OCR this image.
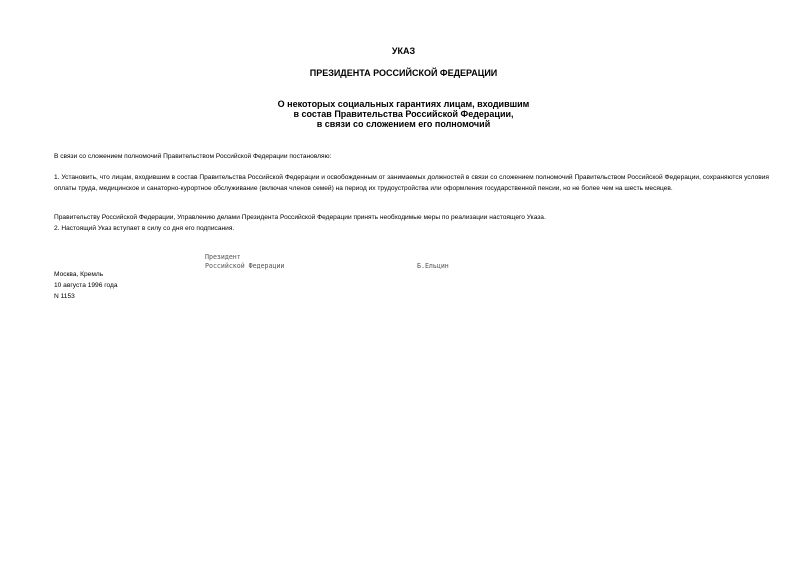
УКАЗ
ПРЕЗИДЕНТА РОССИЙСКОЙ ФЕДЕРАЦИИ
О некоторых социальных гарантиях лицам, входившим
в состав Правительства Российской Федерации,
в связи со сложением его полномочий
В связи со сложением полномочий Правительством Российской Федерации постановляю:
1. Установить, что лицам, входившим в состав Правительства Российской Федерации и освобожденным от занимаемых должностей в связи со сложением полномочий Правительством Российской Федерации, сохраняются условия оплаты труда, медицинское и санаторно-курортное обслуживание (включая членов семей) на период их трудоустройства или оформления государственной пенсии, но не более чем на шесть месяцев.
Правительству Российской Федерации, Управлению делами Президента Российской Федерации принять необходимые меры по реализации настоящего Указа.
2. Настоящий Указ вступает в силу со дня его подписания.
Президент
Российской Федерации	Б.Ельцин
Москва, Кремль
10 августа 1996 года
N 1153
